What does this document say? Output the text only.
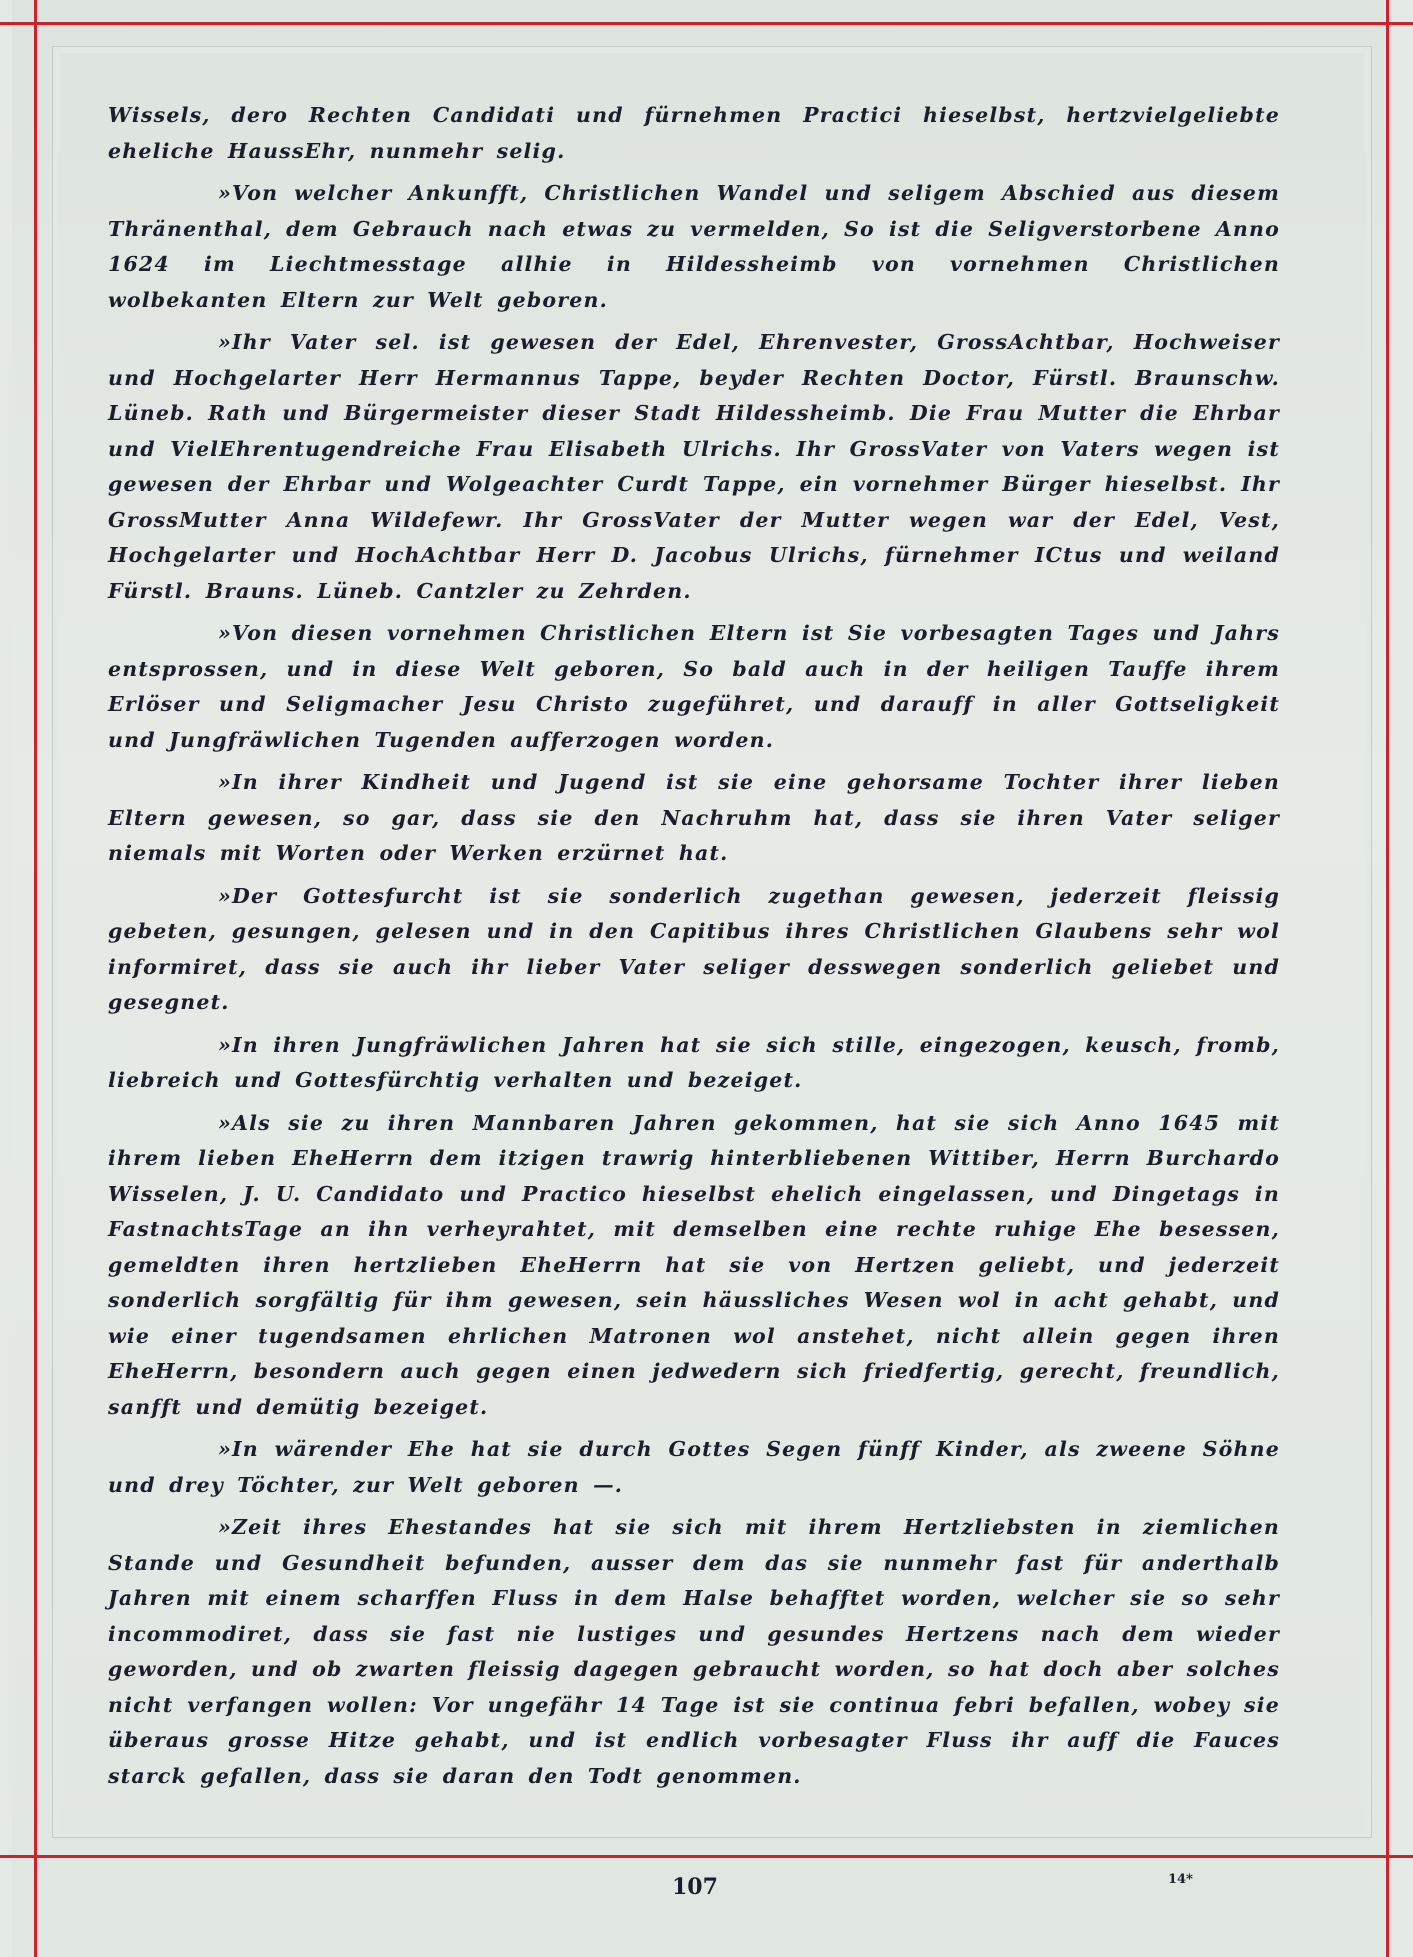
Wissels, dero Rechten Candidati und fürnehmen Practici hieselbst, hertzvielgeliebte eheliche HaussEhr, nunmehr selig.

»Von welcher Ankunfft, Christlichen Wandel und seligem Abschied aus diesem Thränenthal, dem Gebrauch nach etwas zu vermelden, So ist die Seligverstorbene Anno 1624 im Liechtmesstage allhie in Hildessheimb von vornehmen Christlichen wolbekanten Eltern zur Welt geboren.

»Ihr Vater sel. ist gewesen der Edel, Ehrenvester, GrossAchtbar, Hochweiser und Hochgelarter Herr Hermannus Tappe, beyder Rechten Doctor, Fürstl. Braunschw. Lüneb. Rath und Bürgermeister dieser Stadt Hildessheimb. Die Frau Mutter die Ehrbar und VielEhrentugendreiche Frau Elisabeth Ulrichs. Ihr GrossVater von Vaters wegen ist gewesen der Ehrbar und Wolgeachter Curdt Tappe, ein vornehmer Bürger hieselbst. Ihr GrossMutter Anna Wildefewr. Ihr GrossVater der Mutter wegen war der Edel, Vest, Hochgelarter und HochAchtbar Herr D. Jacobus Ulrichs, fürnehmer ICtus und weiland Fürstl. Brauns. Lüneb. Cantzler zu Zehrden.

»Von diesen vornehmen Christlichen Eltern ist Sie vorbesagten Tages und Jahrs entsprossen, und in diese Welt geboren, So bald auch in der heiligen Tauffe ihrem Erlöser und Seligmacher Jesu Christo zugeführet, und darauff in aller Gottseligkeit und Jungfräwlichen Tugenden aufferzogen worden.

»In ihrer Kindheit und Jugend ist sie eine gehorsame Tochter ihrer lieben Eltern gewesen, so gar, dass sie den Nachruhm hat, dass sie ihren Vater seliger niemals mit Worten oder Werken erzürnet hat.

»Der Gottesfurcht ist sie sonderlich zugethan gewesen, jederzeit fleissig gebeten, gesungen, gelesen und in den Capitibus ihres Christlichen Glaubens sehr wol informiret, dass sie auch ihr lieber Vater seliger desswegen sonderlich geliebet und gesegnet.

»In ihren Jungfräwlichen Jahren hat sie sich stille, eingezogen, keusch, fromb, liebreich und Gottesfürchtig verhalten und bezeiget.

»Als sie zu ihren Mannbaren Jahren gekommen, hat sie sich Anno 1645 mit ihrem lieben EheHerrn dem itzigen trawrig hinterbliebenen Wittiber, Herrn Burchardo Wisselen, J. U. Candidato und Practico hieselbst ehelich eingelassen, und Dingetags in FastnachtsTage an ihn verheyrahtet, mit demselben eine rechte ruhige Ehe besessen, gemeldten ihren hertzlieben EheHerrn hat sie von Hertzen geliebt, und jederzeit sonderlich sorgfältig für ihm gewesen, sein häussliches Wesen wol in acht gehabt, und wie einer tugendsamen ehrlichen Matronen wol anstehet, nicht allein gegen ihren EheHerrn, besondern auch gegen einen jedwedern sich friedfertig, gerecht, freundlich, sanfft und demütig bezeiget.

»In wärender Ehe hat sie durch Gottes Segen fünff Kinder, als zweene Söhne und drey Töchter, zur Welt geboren —.

»Zeit ihres Ehestandes hat sie sich mit ihrem Hertzliebsten in ziemlichen Stande und Gesundheit befunden, ausser dem das sie nunmehr fast für anderthalb Jahren mit einem scharffen Fluss in dem Halse behafftet worden, welcher sie so sehr incommodiret, dass sie fast nie lustiges und gesundes Hertzens nach dem wieder geworden, und ob zwarten fleissig dagegen gebraucht worden, so hat doch aber solches nicht verfangen wollen: Vor ungefähr 14 Tage ist sie continua febri befallen, wobey sie überaus grosse Hitze gehabt, und ist endlich vorbesagter Fluss ihr auff die Fauces starck gefallen, dass sie daran den Todt genommen.

107	14*
